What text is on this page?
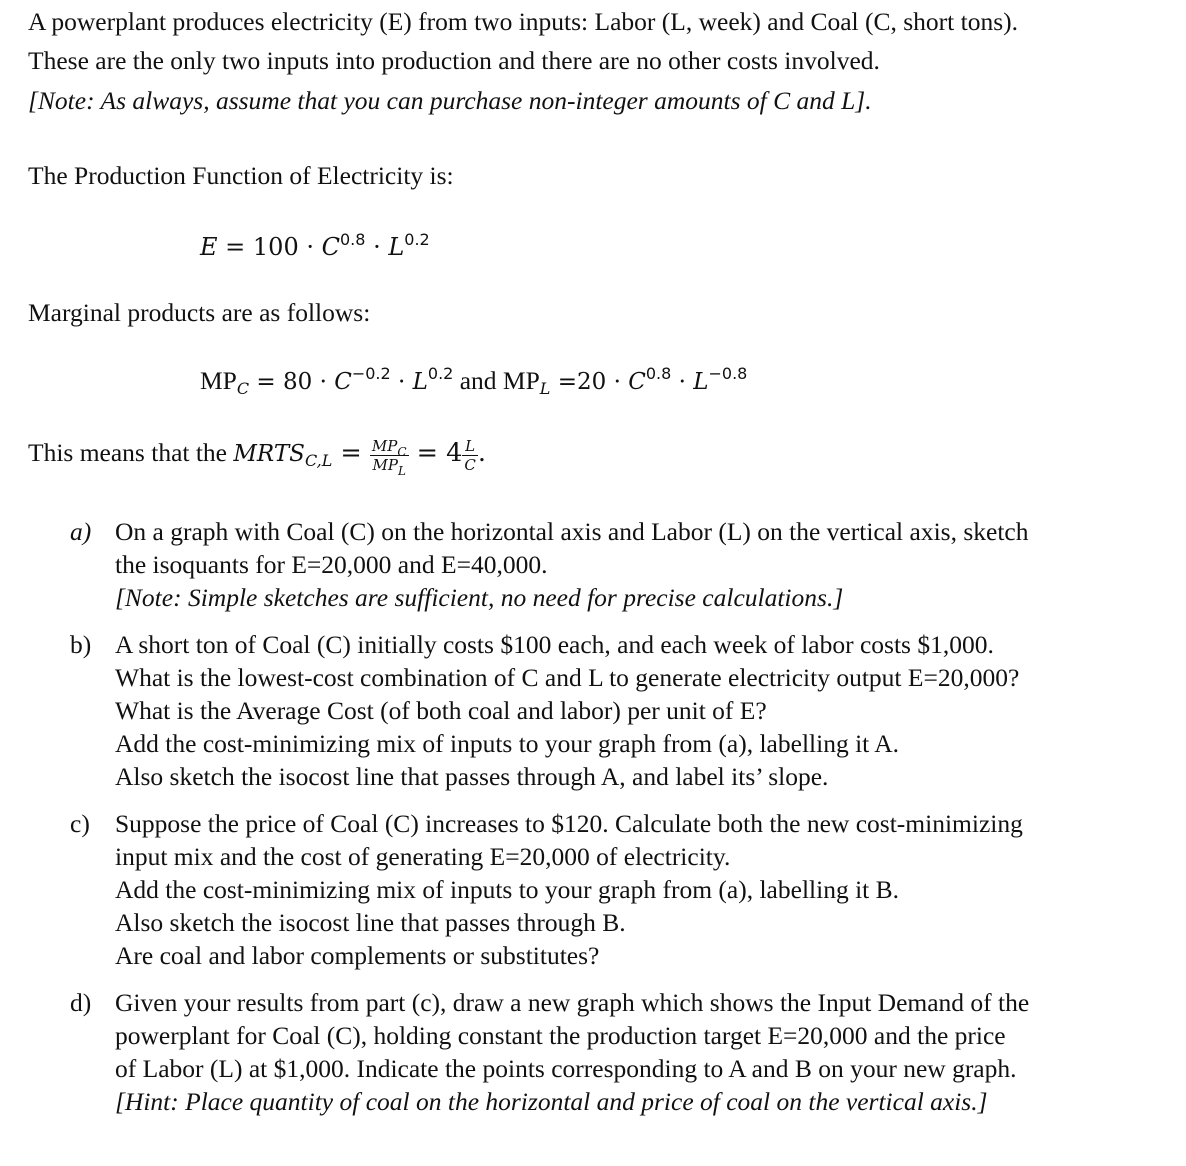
A powerplant produces electricity (E) from two inputs: Labor (L, week) and Coal (C, short tons).
These are the only two inputs into production and there are no other costs involved.
[Note: As always, assume that you can purchase non-integer amounts of C and L].
The Production Function of Electricity is:
$E = 100 \cdot C^{0.8} \cdot L^{0.2}$
Marginal products are as follows:
$MP_C = 80 \cdot C^{-0.2} \cdot L^{0.2}$ and $MP_L =20 \cdot C^{0.8} \cdot L^{-0.8}$
This means that the $MRTS_{C,L} = \frac{MP_C}{MP_L} = 4 \frac{L}{C}$ .
a) On a graph with Coal (C) on the horizontal axis and Labor (L) on the vertical axis, sketch
the isoquants for E=20,000 and E=40,000.
[Note: Simple sketches are sufficient, no need for precise calculations.]
b) A short ton of Coal (C) initially costs $100 each, and each week of labor costs $1,000.
What is the lowest-cost combination of C and L to generate electricity output E=20,000?
What is the Average Cost (of both coal and labor) per unit of E?
Add the cost-minimizing mix of inputs to your graph from (a), labelling it A.
Also sketch the isocost line that passes through A, and label its’ slope.
c) Suppose the price of Coal (C) increases to $120. Calculate both the new cost-minimizing
input mix and the cost of generating E=20,000 of electricity.
Add the cost-minimizing mix of inputs to your graph from (a), labelling it B.
Also sketch the isocost line that passes through B.
Are coal and labor complements or substitutes?
d) Given your results from part (c), draw a new graph which shows the Input Demand of the
powerplant for Coal (C), holding constant the production target E=20,000 and the price
of Labor (L) at $1,000. Indicate the points corresponding to A and B on your new graph.
[Hint: Place quantity of coal on the horizontal and price of coal on the vertical axis.]
